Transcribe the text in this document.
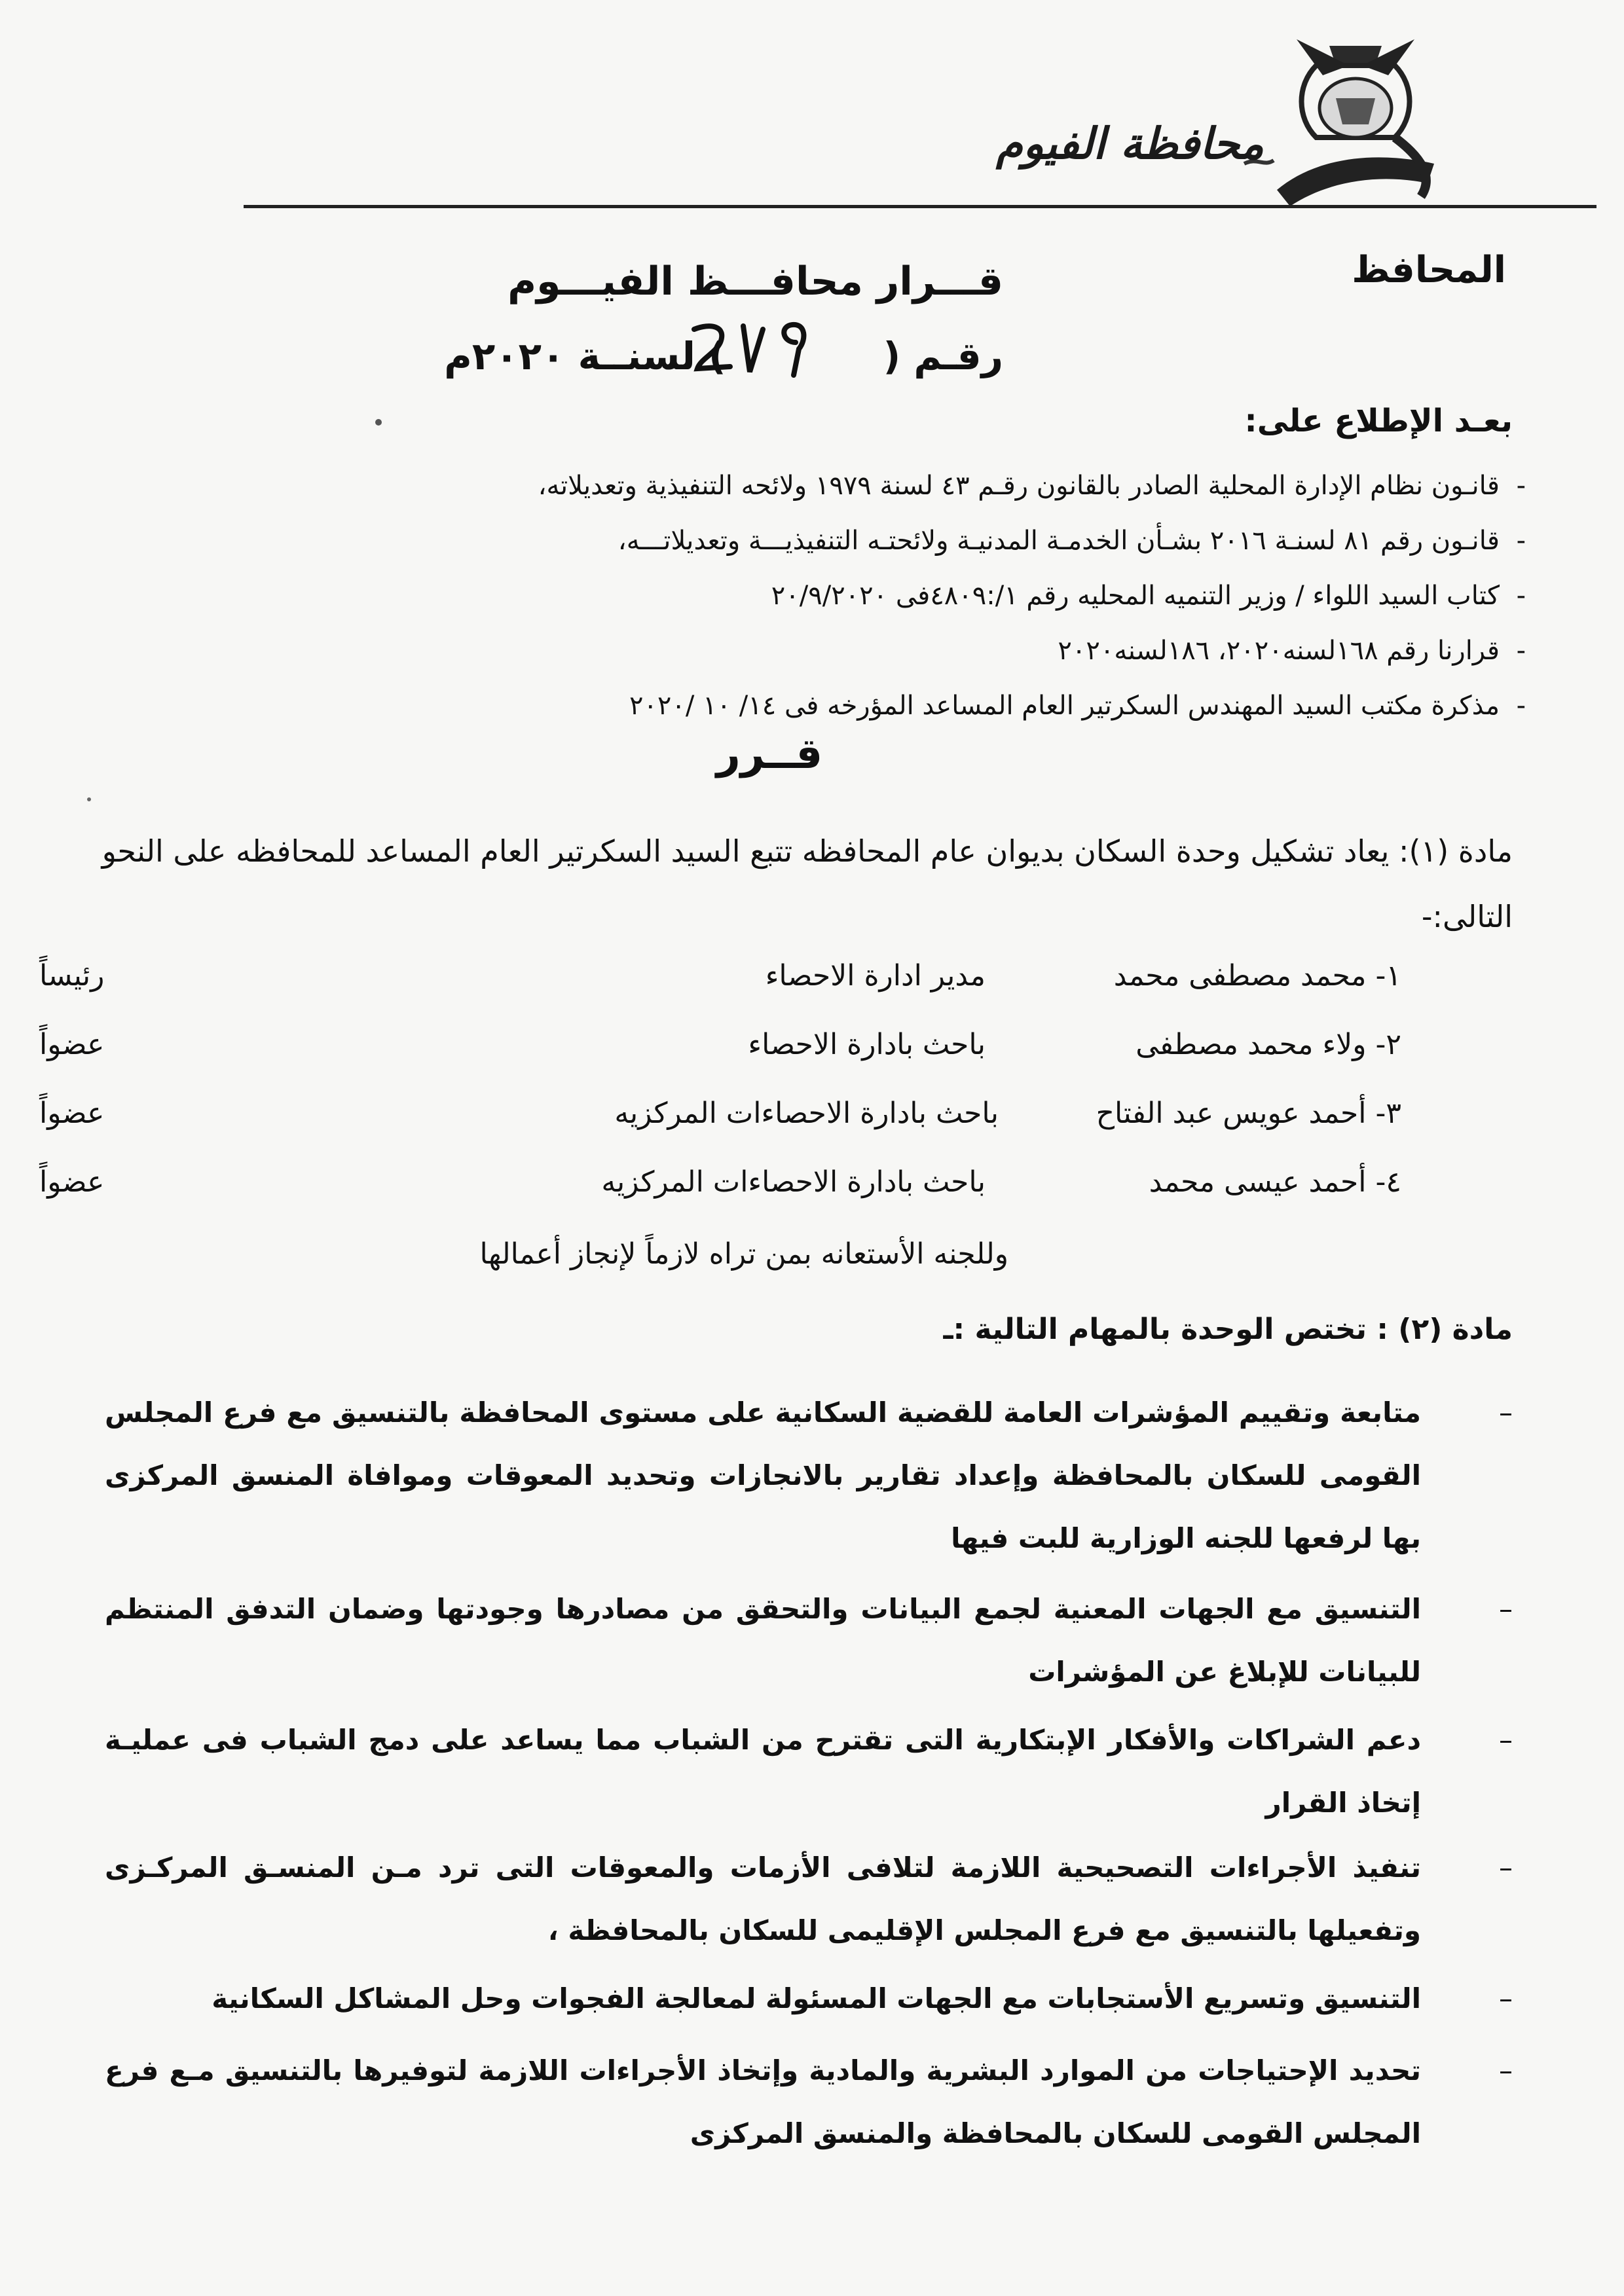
محافظة الفيوم
المحافظ
قـــرار محافـــظ الفيـــوم
رقـم () لسنــة ٢٠٢٠م
بعـد الإطلاع على:
-قانـون نظام الإدارة المحلية الصادر بالقانون رقـم ٤٣ لسنة ١٩٧٩ ولائحه التنفيذية وتعديلاته،
-قانـون رقم ٨١ لسنـة ٢٠١٦ بشـأن الخدمـة المدنيـة ولائحتـه التنفيذيـــة وتعديلاتـــه،
-كتاب السيد اللواء / وزير التنميه المحليه رقم ١/:٤٨٠٩فى ٢٠/٩/٢٠٢٠
-قرارنا رقم ١٦٨لسنه٢٠٢٠، ١٨٦لسنه٢٠٢٠
-مذكرة مكتب السيد المهندس السكرتير العام المساعد المؤرخه فى ١٤/ ١٠ /٢٠٢٠
قــرر
مادة (١): يعاد تشكيل وحدة السكان بديوان عام المحافظه تتبع السيد السكرتير العام المساعد للمحافظه على النحو التالى:-
١- محمد مصطفى محمد
مدير ادارة الاحصاء
رئيساً
٢- ولاء محمد مصطفى
باحث بادارة الاحصاء
عضواً
٣- أحمد عويس عبد الفتاح
باحث بادارة الاحصاءات المركزيه
عضواً
٤- أحمد عيسى محمد
باحث بادارة الاحصاءات المركزيه
عضواً
وللجنه الأستعانه بمن تراه لازماً لإنجاز أعمالها
مادة (٢) : تختص الوحدة بالمهام التالية :ـ
–
متابعة وتقييم المؤشرات العامة للقضية السكانية على مستوى المحافظة بالتنسيق مع فرع المجلس القومى للسكان بالمحافظة وإعداد تقارير بالانجازات وتحديد المعوقات وموافاة المنسق المركزى بها لرفعها للجنه الوزارية للبت فيها
–
التنسيق مع الجهات المعنية لجمع البيانات والتحقق من مصادرها وجودتها وضمان التدفق المنتظم للبيانات للإبلاغ عن المؤشرات
–
دعم الشراكات والأفكار الإبتكارية التى تقترح من الشباب مما يساعد على دمج الشباب فى عمليـة إتخاذ القرار
–
تنفيذ الأجراءات التصحيحية اللازمة لتلافى الأزمات والمعوقات التى ترد مـن المنسـق المركـزى وتفعيلها بالتنسيق مع فرع المجلس الإقليمى للسكان بالمحافظة ،
–
التنسيق وتسريع الأستجابات مع الجهات المسئولة لمعالجة الفجوات وحل المشاكل السكانية
–
تحديد الإحتياجات من الموارد البشرية والمادية وإتخاذ الأجراءات اللازمة لتوفيرها بالتنسيق مـع فرع المجلس القومى للسكان بالمحافظة والمنسق المركزى
